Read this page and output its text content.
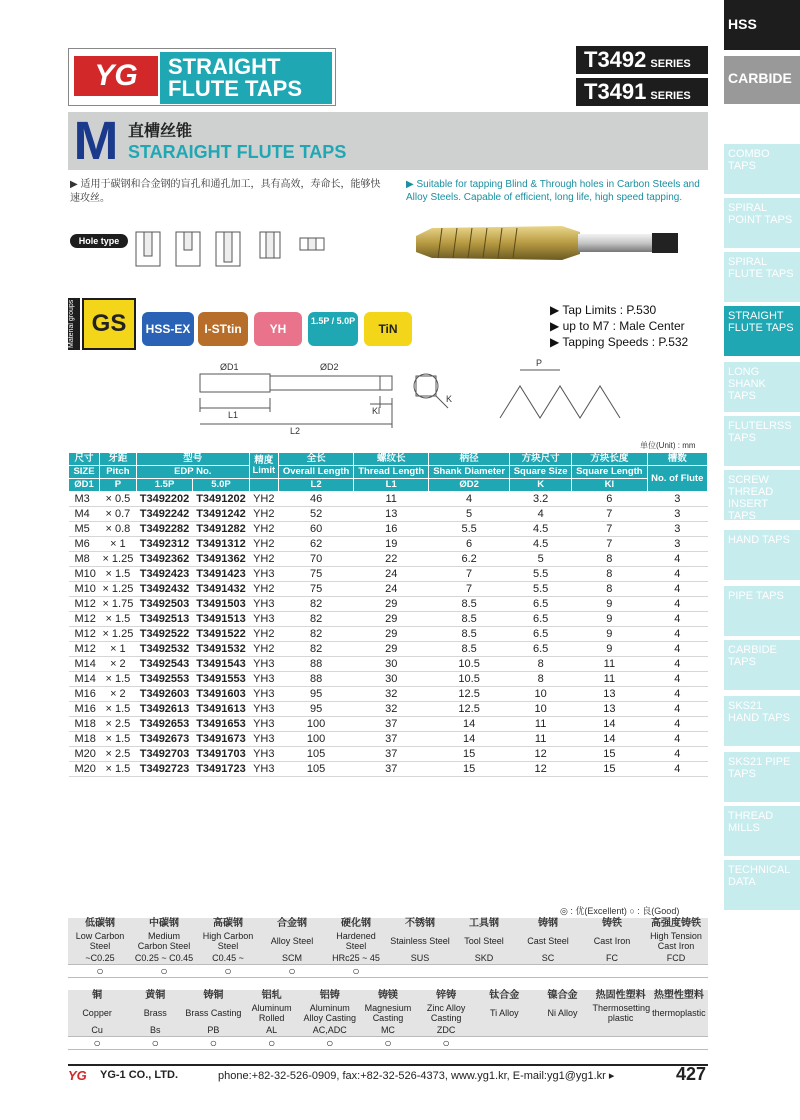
YG	STRAIGHT
FLUTE TAPS
T3492 SERIES
T3491 SERIES
HSS
CARBIDE
COMBO TAPS
SPIRAL POINT TAPS
SPIRAL FLUTE TAPS
STRAIGHT FLUTE TAPS
LONG SHANK TAPS
FLUTELRSS TAPS
SCREW THREAD INSERT TAPS
HAND TAPS
PIPE TAPS
CARBIDE TAPS
SKS21 HAND TAPS
SKS21 PIPE TAPS
THREAD MILLS
TECHNICAL DATA
M 直槽丝锥
STARAIGHT FLUTE TAPS
▶ 适用于碳钢和合金钢的盲孔和通孔加工，具有高效，寿命长，能够快速攻丝。
▶ Suitable for tapping Blind & Through holes in Carbon Steels and Alloy Steels. Capable of efficient, long life, high speed tapping.
Hole type
Material groups GS	HSS-EX	I-STtin	YH
1.5P / 5.0P
TiN
▶ Tap Limits : P.530
▶ up to M7 : Male Center
▶ Tapping Speeds : P.532
ØD1	ØD2
L1
L2
Kl
K
P
单位(Unit) : mm
尺寸	牙距	型号		精度
Limit	全长	螺纹长	柄径	方块尺寸	方块长度	槽数
SIZE	Pitch	EDP No.			Overall Length	Thread Length	Shank Diameter	Square Size	Square Length	No. of Flute
ØD1	P	1.5P	5.0P		L2	L1	ØD2	K	Kl	
M3	× 0.5	T3492202	T3491202	YH2	46	11	4	3.2	6	3
M4	× 0.7	T3492242	T3491242	YH2	52	13	5	4	7	3
M5	× 0.8	T3492282	T3491282	YH2	60	16	5.5	4.5	7	3
M6	× 1	T3492312	T3491312	YH2	62	19	6	4.5	7	3
M8	× 1.25	T3492362	T3491362	YH2	70	22	6.2	5	8	4
M10	× 1.5	T3492423	T3491423	YH3	75	24	7	5.5	8	4
M10	× 1.25	T3492432	T3491432	YH2	75	24	7	5.5	8	4
M12	× 1.75	T3492503	T3491503	YH3	82	29	8.5	6.5	9	4
M12	× 1.5	T3492513	T3491513	YH3	82	29	8.5	6.5	9	4
M12	× 1.25	T3492522	T3491522	YH2	82	29	8.5	6.5	9	4
M12	× 1	T3492532	T3491532	YH2	82	29	8.5	6.5	9	4
M14	× 2	T3492543	T3491543	YH3	88	30	10.5	8	11	4
M14	× 1.5	T3492553	T3491553	YH3	88	30	10.5	8	11	4
M16	× 2	T3492603	T3491603	YH3	95	32	12.5	10	13	4
M16	× 1.5	T3492613	T3491613	YH3	95	32	12.5	10	13	4
M18	× 2.5	T3492653	T3491653	YH3	100	37	14	11	14	4
M18	× 1.5	T3492673	T3491673	YH3	100	37	14	11	14	4
M20	× 2.5	T3492703	T3491703	YH3	105	37	15	12	15	4
M20	× 1.5	T3492723	T3491723	YH3	105	37	15	12	15	4
◎ : 优(Excellent) ○ : 良(Good)
低碳钢	中碳钢	高碳钢	合金钢	硬化钢	不锈钢	工具钢	铸钢	铸铁	高强度铸铁
Low Carbon Steel	Medium Carbon Steel	High Carbon Steel	Alloy Steel	Hardened Steel	Stainless Steel	Tool Steel	Cast Steel	Cast Iron	High Tension Cast Iron
~C0.25	C0.25 ~ C0.45	C0.45 ~	SCM	HRc25 ~ 45	SUS	SKD	SC	FC	FCD
○	○	○	○	○					
铜	黄铜	铸铜	铝轧	铝铸	铸镁	锌铸	钛合金	镍合金	热固性塑料	热塑性塑料
Copper	Brass	Brass Casting	Aluminum Rolled	Aluminum Alloy Casting	Magnesium Casting	Zinc Alloy Casting	Ti Alloy	Ni Alloy	Thermosetting plastic	thermoplastic
Cu	Bs	PB	AL	AC,ADC	MC	ZDC				
○	○	○	○	○	○	○				
YG YG-1 CO., LTD.	phone:+82-32-526-0909, fax:+82-32-526-4373, www.yg1.kr, E-mail:yg1@yg1.kr ▸	427
